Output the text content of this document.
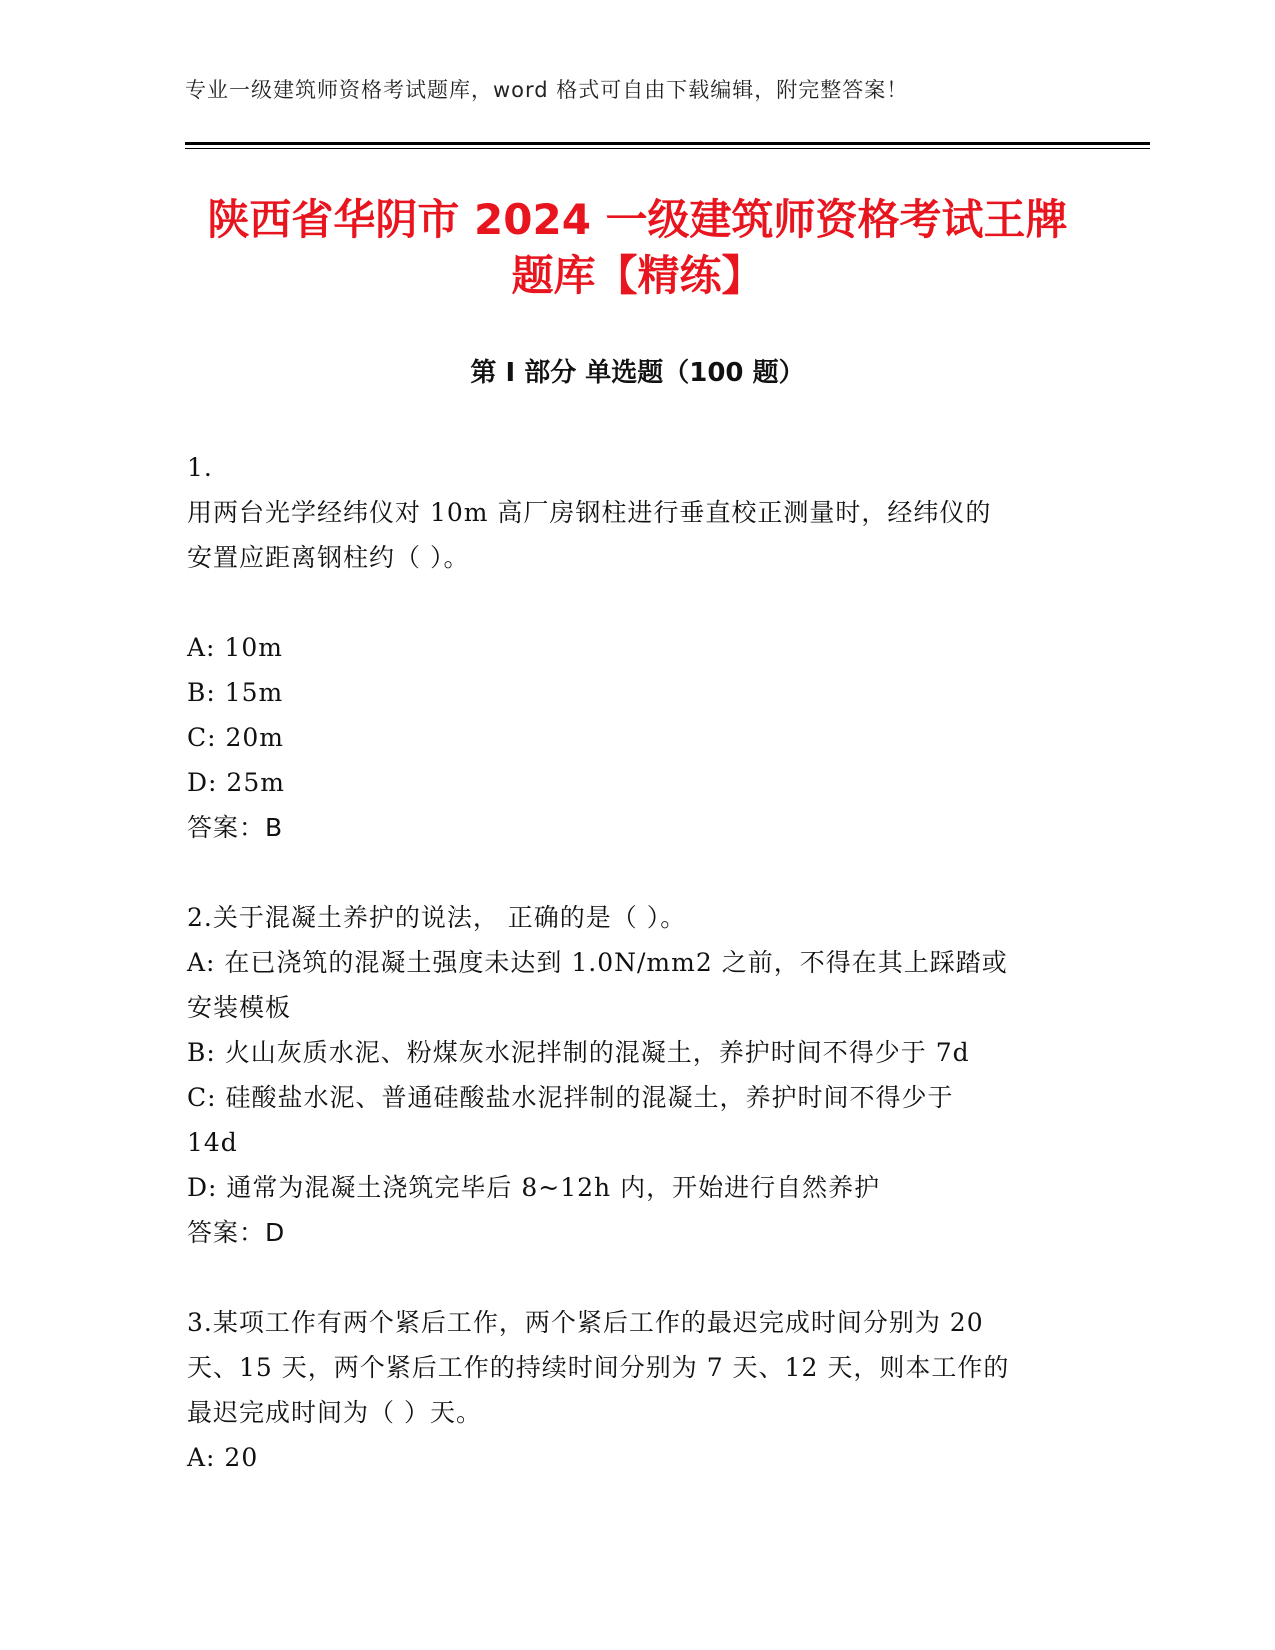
专业一级建筑师资格考试题库，word 格式可自由下载编辑，附完整答案！
陕西省华阴市 2024 一级建筑师资格考试王牌
题库【精练】
第 I 部分 单选题（100 题）
1.
用两台光学经纬仪对 10m 高厂房钢柱进行垂直校正测量时，经纬仪的
安置应距离钢柱约（ ）。
A: 10m
B: 15m
C: 20m
D: 25m
答案：B
2.关于混凝土养护的说法， 正确的是（ ）。
A: 在已浇筑的混凝土强度未达到 1.0N/mm2 之前，不得在其上踩踏或
安装模板
B: 火山灰质水泥、粉煤灰水泥拌制的混凝土，养护时间不得少于 7d
C: 硅酸盐水泥、普通硅酸盐水泥拌制的混凝土，养护时间不得少于
14d
D: 通常为混凝土浇筑完毕后 8~12h 内，开始进行自然养护
答案：D
3.某项工作有两个紧后工作，两个紧后工作的最迟完成时间分别为 20
天、15 天，两个紧后工作的持续时间分别为 7 天、12 天，则本工作的
最迟完成时间为（ ）天。
A: 20
